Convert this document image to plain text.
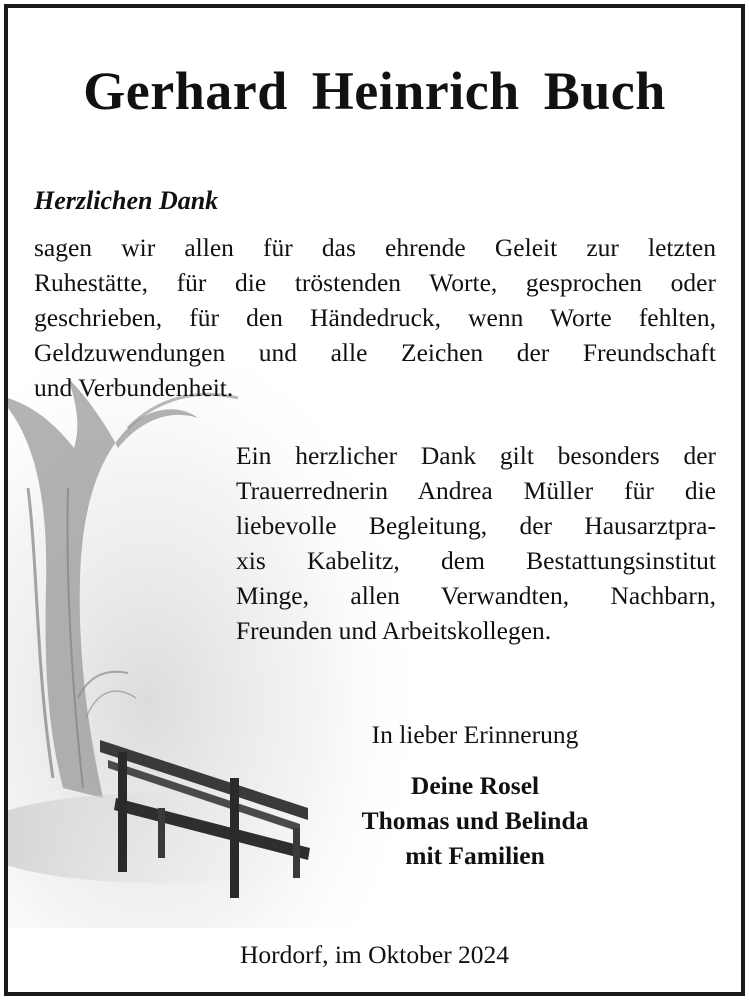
Gerhard Heinrich Buch
Herzlichen Dank
sagen wir allen für das ehrende Geleit zur letzten
Ruhestätte, für die tröstenden Worte, gesprochen oder
geschrieben, für den Händedruck, wenn Worte fehlten,
Geldzuwendungen und alle Zeichen der Freundschaft
und Verbundenheit.
Ein herzlicher Dank gilt besonders der
Trauerrednerin Andrea Müller für die
liebevolle Begleitung, der Hausarztpra-
xis Kabelitz, dem Bestattungsinstitut
Minge, allen Verwandten, Nachbarn,
Freunden und Arbeitskollegen.
In lieber Erinnerung
Deine Rosel
Thomas und Belinda
mit Familien
Hordorf, im Oktober 2024
